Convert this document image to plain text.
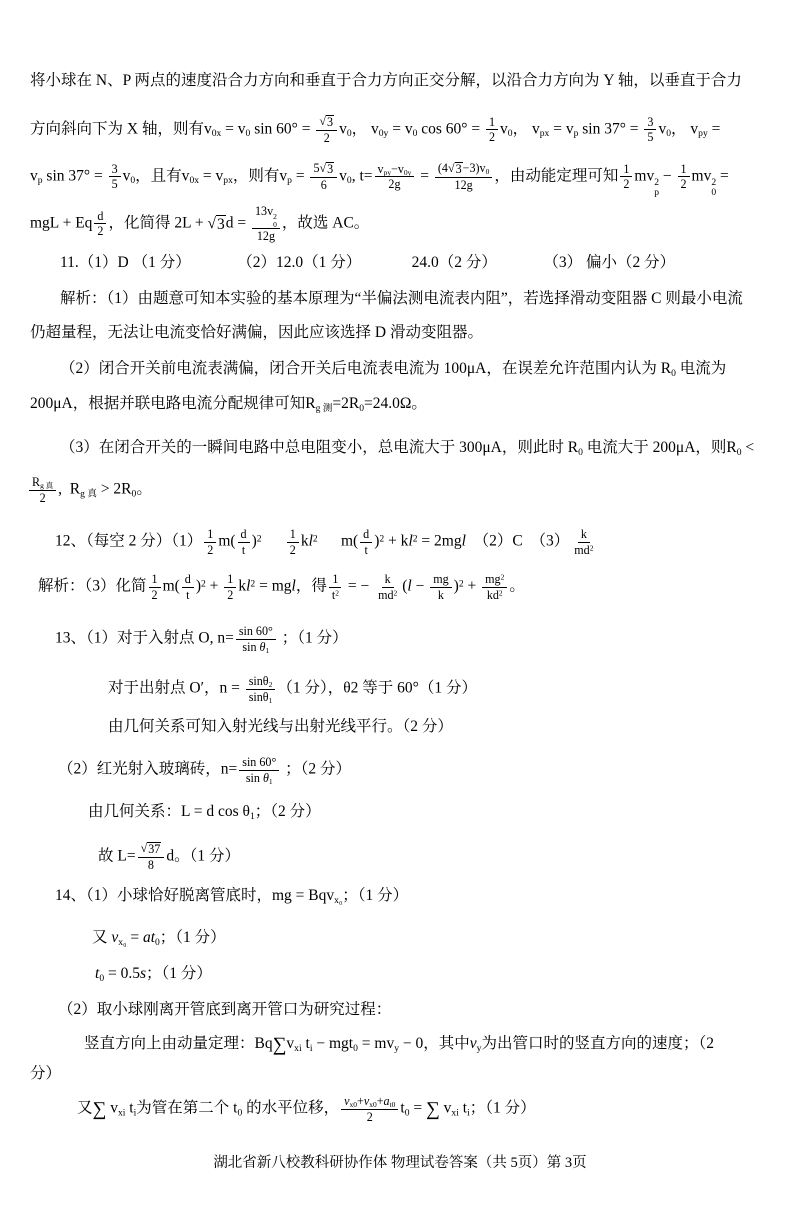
将小球在 N、P 两点的速度沿合力方向和垂直于合力方向正交分解，以沿合力方向为 Y 轴，以垂直于合力
方向斜向下为 X 轴，则有$v_{0x} = v_0$ $\sin 60^\circ = \frac{√ 3}{2} v_0$， $v_{0y} = v_0$ $\cos 60^\circ = \frac{1}{2} v_0$， $v_{px} = v_p$ $\sin 37^\circ = \frac{3}{5} v_0$， $v_{py}$ =
$v_p$ $\sin 37^\circ = \frac{3}{5} v_0$，且有$v_{0x} = v_{px}$，则有$v_p = \frac{5 √ 3}{6} v_0$, $t= \frac{v_{py}-v_{0y}}{2g} = \frac{(4 √ 3 -3)v_0}{12g}$ ，由动能定理可知 $\frac{1}{2}$ mv 2
p
− $\frac{1}{2}$ mv 2
0
=
mgL + Eq $\frac{d}{2}$ ，化简得 2L + √ 3 d = 13v 2
0
12g ，故选 AC。
11.（1）D （1 分）            （2）12.0（1 分）             24.0（2 分）            （3） 偏小（2 分）
解析：（1）由题意可知本实验的基本原理为“半偏法测电流表内阻”，若选择滑动变阻器 C 则最小电流
仍超量程，无法让电流变恰好满偏，因此应该选择 D 滑动变阻器。
（2）闭合开关前电流表满偏，闭合开关后电流表电流为 100μA，在误差允许范围内认为 $R_0$ 电流为
200μA，根据并联电路电流分配规律可知$R_{g 测}=2R_0=24.0\Omega$。
（3）在闭合开关的一瞬间电路中总电阻变小，总电流大于 300μA，则此时 $R_0$ 电流大于 200μA，则$R_0$ <
$\frac{R_{g 真}}{2}$ ,  $R_{g 真} > 2R_0$。
12、（每空 2 分）$(1) \frac{1}{2} m( \frac{d}{t} )^2 \frac{1}{2} kl^2$      $m( \frac{d}{t} )^2 + kl^2 = 2mgl$  （2）C  $(3) \frac{k}{md^2}$
解析：（3）化简 $\frac{1}{2} m( \frac{d}{t} )^2 + \frac{1}{2} kl^2$ = mgl，得 $\frac{1}{t^2}$ = − $\frac{k}{md^2} (l - \frac{mg}{k} )^2 + \frac{mg^2}{kd^2}$ 。
13、（1）对于入射点 O, $n= \frac{\sin 60^\circ}{\sin \theta_1}$ ；（1 分）
对于出射点 O′，$n = \frac{\sin\theta_2}{\sin\theta_1} (1$ 分），θ2 等于 60°（1 分）
由几何关系可知入射光线与出射光线平行。（2 分）
（2）红光射入玻璃砖，$n= \frac{\sin 60^\circ}{\sin \theta_1}$ ；（2 分）
由几何关系：L = d $\cos \theta_1$；（2 分）
故 $L= \frac{√ 37}{8}$ d。（1 分）
14、（1）小球恰好脱离管底时，mg = Bqv$_{x_0}$；（1 分）
又 $v_{x_0} = at_0$；（1 分）
$t_0 = 0.5s$；（1 分）
（2）取小球刚离开管底到离开管口为研究过程：
竖直方向上由动量定理：$Bq\sum v_{xi}$ $t_i - mgt_0 = mv_y - 0$，其中$v_y$为出管口时的竖直方向的速度；（2
分）
又∑ $v_{xi}$ $t_i$为管在第二个 $t_0$ 的水平位移， $\frac{v_{x0}+v_{x0}+a_{t0}}{2} t_0$ = ∑ $v_{xi}$ $t_i$；（1 分）
湖北省新八校教科研协作体 物理试卷答案（共 5页）第 3页
